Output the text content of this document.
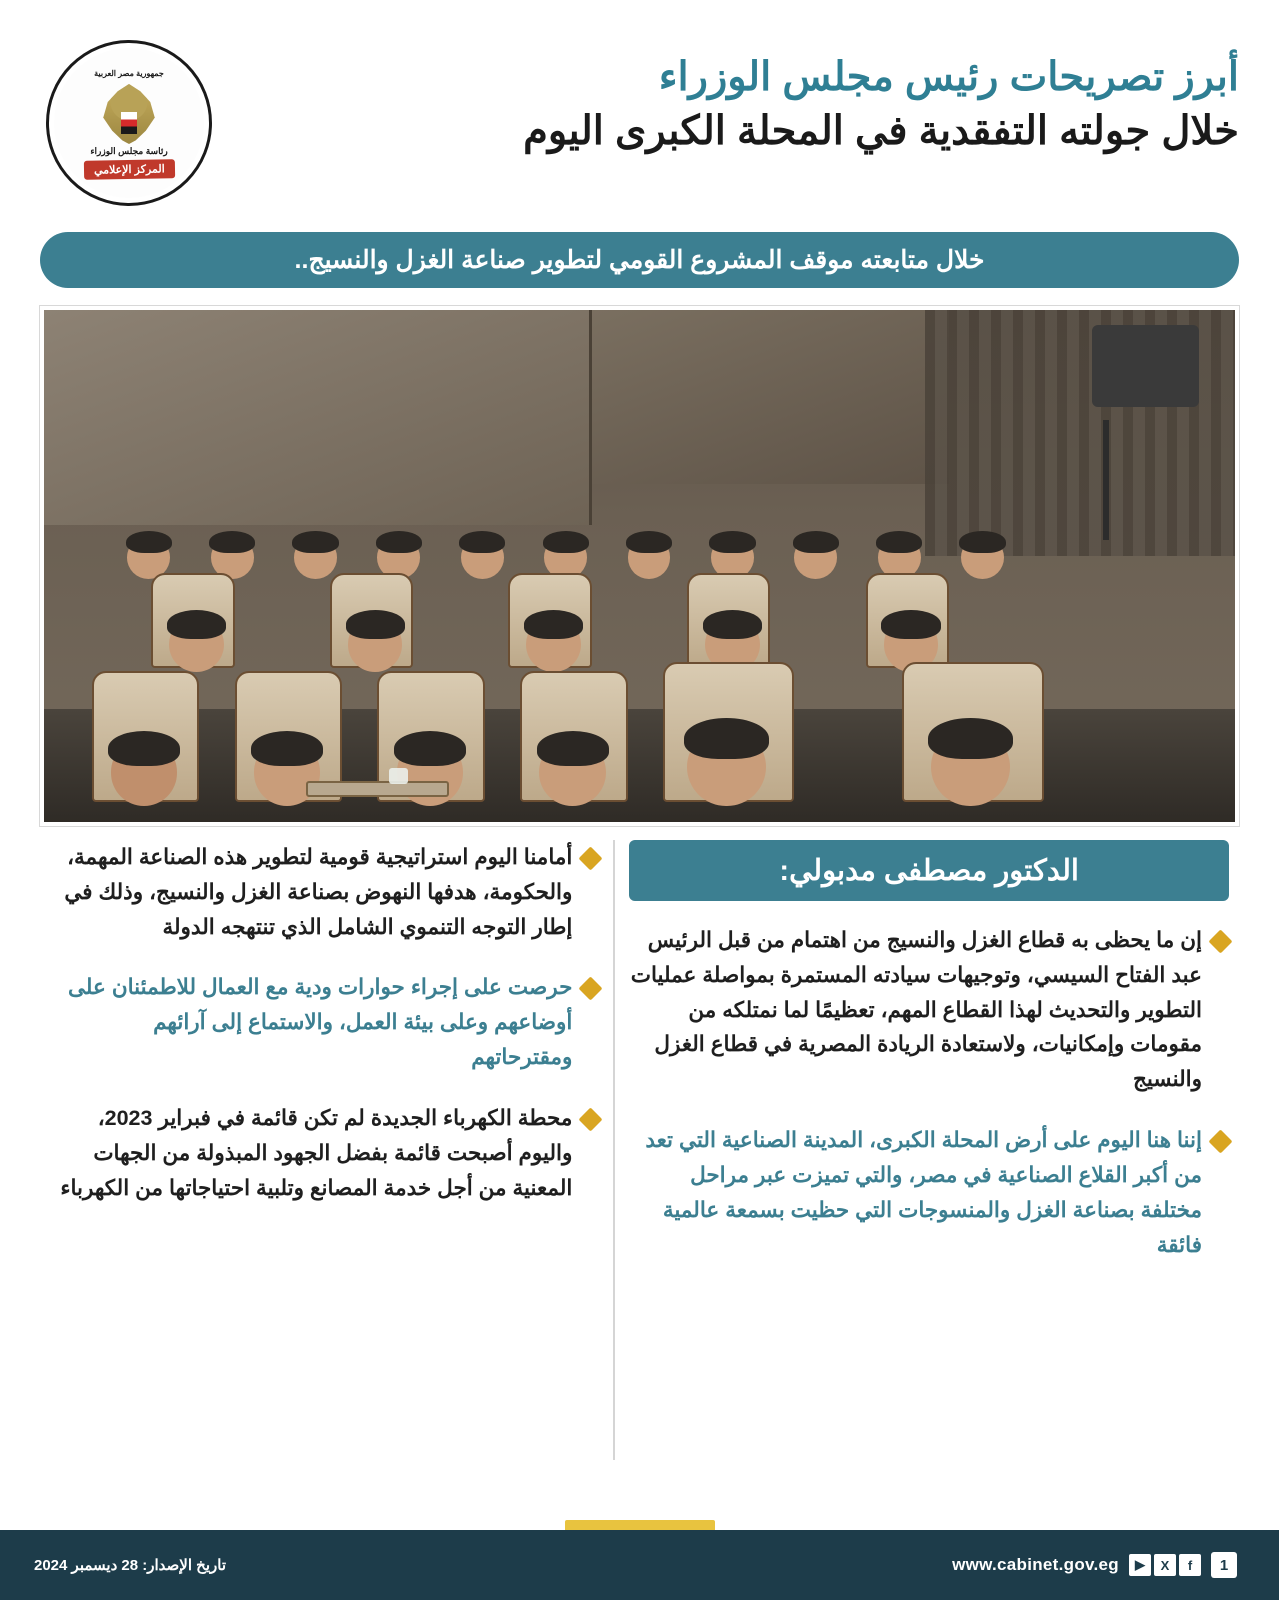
جمهورية مصر العربية
رئاسة مجلس الوزراء
المركز الإعلامي
أبرز تصريحات رئيس مجلس الوزراء
خلال جولته التفقدية في المحلة الكبرى اليوم
خلال متابعته موقف المشروع القومي لتطوير صناعة الغزل والنسيج..
الدكتور مصطفى مدبولي:

إن ما يحظى به قطاع الغزل والنسيج من اهتمام من قبل الرئيس عبد الفتاح السيسي، وتوجيهات سيادته المستمرة بمواصلة عمليات التطوير والتحديث لهذا القطاع المهم، تعظيمًا لما نمتلكه من مقومات وإمكانيات، ولاستعادة الريادة المصرية في قطاع الغزل والنسيج

إننا هنا اليوم على أرض المحلة الكبرى، المدينة الصناعية التي تعد من أكبر القلاع الصناعية في مصر، والتي تميزت عبر مراحل مختلفة بصناعة الغزل والمنسوجات التي حظيت بسمعة عالمية فائقة

أمامنا اليوم استراتيجية قومية لتطوير هذه الصناعة المهمة، والحكومة، هدفها النهوض بصناعة الغزل والنسيج، وذلك في إطار التوجه التنموي الشامل الذي تنتهجه الدولة

حرصت على إجراء حوارات ودية مع العمال للاطمئنان على أوضاعهم وعلى بيئة العمل، والاستماع إلى آرائهم ومقترحاتهم

محطة الكهرباء الجديدة لم تكن قائمة في فبراير 2023، واليوم أصبحت قائمة بفضل الجهود المبذولة من الجهات المعنية من أجل خدمة المصانع وتلبية احتياجاتها من الكهرباء

www.cabinet.gov.eg	f
X
▶	1
تاريخ الإصدار: 28 ديسمبر 2024
